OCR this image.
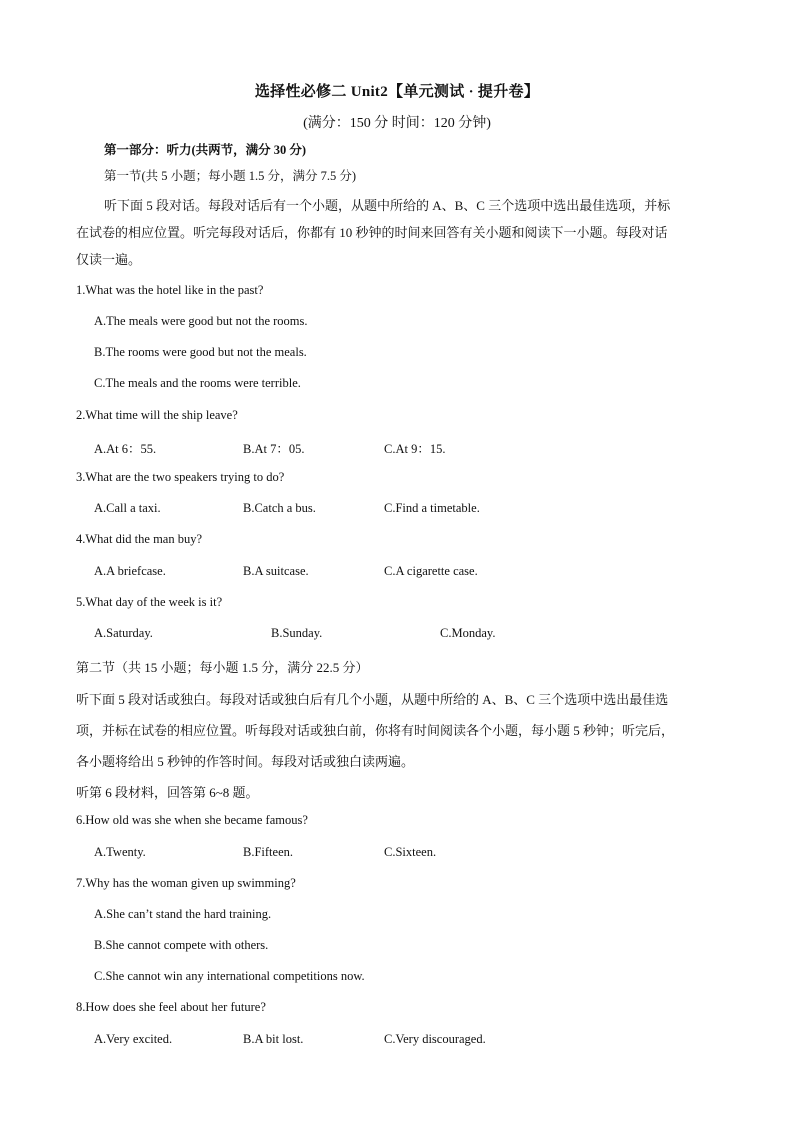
选择性必修二 Unit2【单元测试 · 提升卷】
(满分：150 分 时间：120 分钟)
第一部分：听力(共两节，满分 30 分)
第一节(共 5 小题；每小题 1.5 分，满分 7.5 分)
听下面 5 段对话。每段对话后有一个小题，从题中所给的 A、B、C 三个选项中选出最佳选项，并标
在试卷的相应位置。听完每段对话后，你都有 10 秒钟的时间来回答有关小题和阅读下一小题。每段对话
仅读一遍。
1.What was the hotel like in the past?
A.The meals were good but not the rooms.
B.The rooms were good but not the meals.
C.The meals and the rooms were terrible.
2.What time will the ship leave?
A.At 6：55.	B.At 7：05.	C.At 9：15.
3.What are the two speakers trying to do?
A.Call a taxi.	B.Catch a bus.	C.Find a timetable.
4.What did the man buy?
A.A briefcase.	B.A suitcase.	C.A cigarette case.
5.What day of the week is it?
A.Saturday.	B.Sunday.	C.Monday.
第二节（共 15 小题；每小题 1.5 分，满分 22.5 分）
听下面 5 段对话或独白。每段对话或独白后有几个小题，从题中所给的 A、B、C 三个选项中选出最佳选
项，并标在试卷的相应位置。听每段对话或独白前，你将有时间阅读各个小题，每小题 5 秒钟；听完后，
各小题将给出 5 秒钟的作答时间。每段对话或独白读两遍。
听第 6 段材料，回答第 6~8 题。
6.How old was she when she became famous?
A.Twenty.	B.Fifteen.	C.Sixteen.
7.Why has the woman given up swimming?
A.She can’t stand the hard training.
B.She cannot compete with others.
C.She cannot win any international competitions now.
8.How does she feel about her future?
A.Very excited.	B.A bit lost.	C.Very discouraged.
